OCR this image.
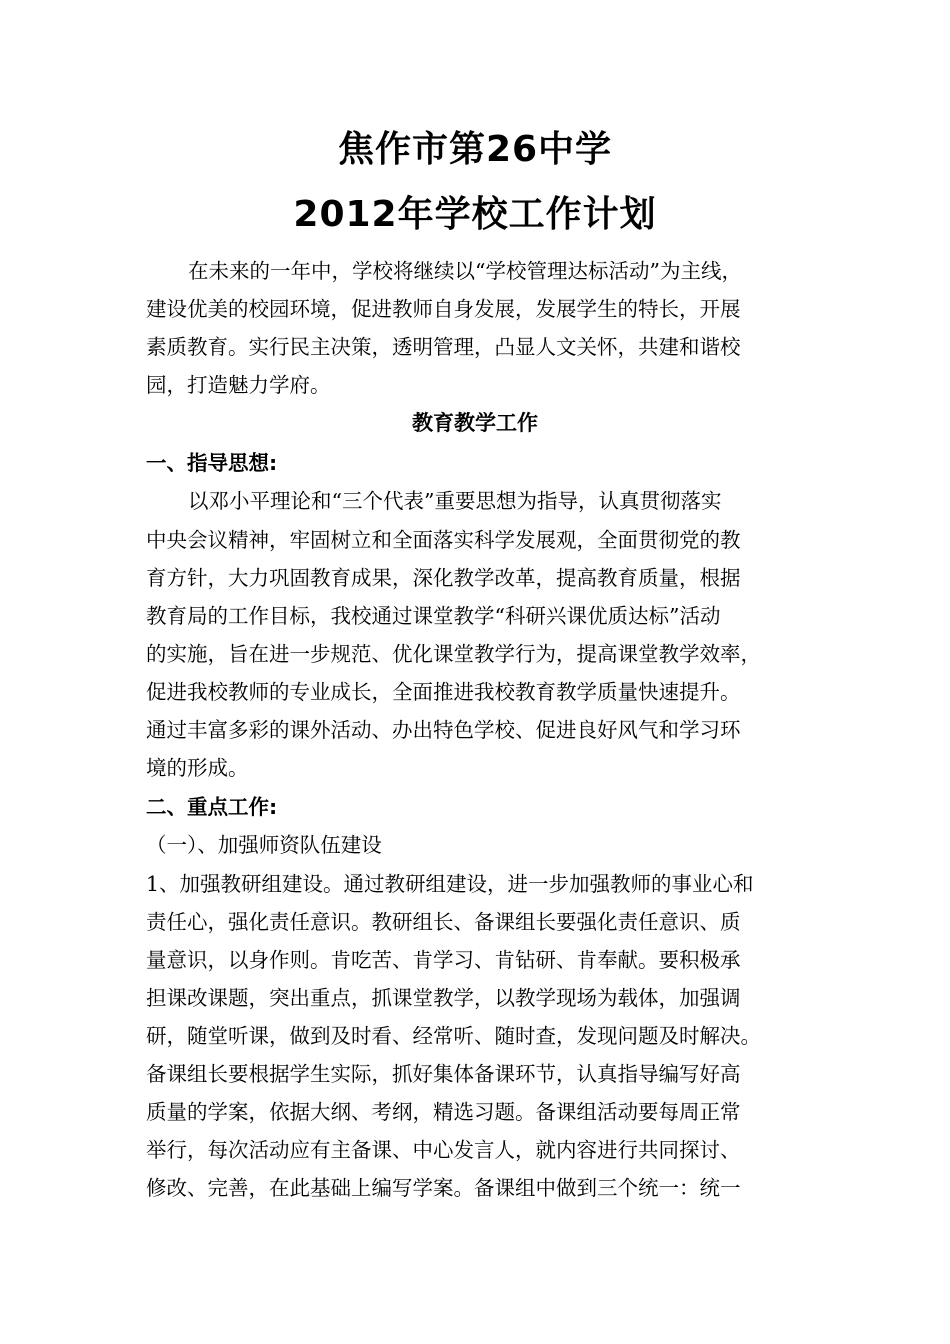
焦作市第26中学
2012年学校工作计划
在未来的一年中，学校将继续以“学校管理达标活动”为主线，
建设优美的校园环境，促进教师自身发展，发展学生的特长，开展
素质教育。实行民主决策，透明管理，凸显人文关怀，共建和谐校
园，打造魅力学府。
教育教学工作
一、指导思想:
以邓小平理论和“三个代表”重要思想为指导，认真贯彻落实
中央会议精神，牢固树立和全面落实科学发展观，全面贯彻党的教
育方针，大力巩固教育成果，深化教学改革，提高教育质量，根据
教育局的工作目标，我校通过课堂教学“科研兴课优质达标”活动
的实施，旨在进一步规范、优化课堂教学行为，提高课堂教学效率，
促进我校教师的专业成长，全面推进我校教育教学质量快速提升。
通过丰富多彩的课外活动、办出特色学校、促进良好风气和学习环
境的形成。
二、重点工作:
（一）、加强师资队伍建设
1、加强教研组建设。通过教研组建设，进一步加强教师的事业心和
责任心，强化责任意识。教研组长、备课组长要强化责任意识、质
量意识，以身作则。肯吃苦、肯学习、肯钻研、肯奉献。要积极承
担课改课题，突出重点，抓课堂教学，以教学现场为载体，加强调
研，随堂听课，做到及时看、经常听、随时查，发现问题及时解决。
备课组长要根据学生实际，抓好集体备课环节，认真指导编写好高
质量的学案，依据大纲、考纲，精选习题。备课组活动要每周正常
举行，每次活动应有主备课、中心发言人，就内容进行共同探讨、
修改、完善，在此基础上编写学案。备课组中做到三个统一：统一
